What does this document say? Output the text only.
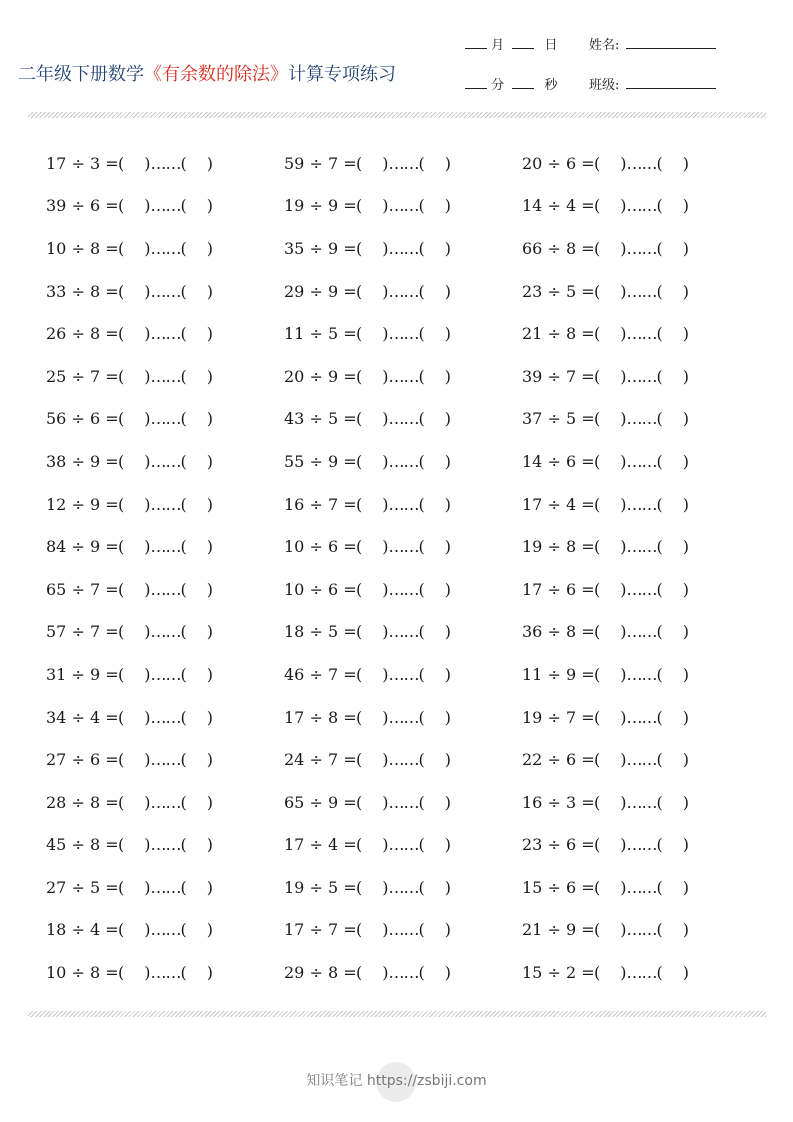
月	日 姓名:
分	秒 班级:
二年级下册数学《有余数的除法》计算专项练习
17 ÷ 3 = ( ) …… ( )	59 ÷ 7 = ( ) …… ( )	20 ÷ 6 = ( ) …… ( )
39 ÷ 6 = ( ) …… ( )	19 ÷ 9 = ( ) …… ( )	14 ÷ 4 = ( ) …… ( )
10 ÷ 8 = ( ) …… ( )	35 ÷ 9 = ( ) …… ( )	66 ÷ 8 = ( ) …… ( )
33 ÷ 8 = ( ) …… ( )	29 ÷ 9 = ( ) …… ( )	23 ÷ 5 = ( ) …… ( )
26 ÷ 8 = ( ) …… ( )	11 ÷ 5 = ( ) …… ( )	21 ÷ 8 = ( ) …… ( )
25 ÷ 7 = ( ) …… ( )	20 ÷ 9 = ( ) …… ( )	39 ÷ 7 = ( ) …… ( )
56 ÷ 6 = ( ) …… ( )	43 ÷ 5 = ( ) …… ( )	37 ÷ 5 = ( ) …… ( )
38 ÷ 9 = ( ) …… ( )	55 ÷ 9 = ( ) …… ( )	14 ÷ 6 = ( ) …… ( )
12 ÷ 9 = ( ) …… ( )	16 ÷ 7 = ( ) …… ( )	17 ÷ 4 = ( ) …… ( )
84 ÷ 9 = ( ) …… ( )	10 ÷ 6 = ( ) …… ( )	19 ÷ 8 = ( ) …… ( )
65 ÷ 7 = ( ) …… ( )	10 ÷ 6 = ( ) …… ( )	17 ÷ 6 = ( ) …… ( )
57 ÷ 7 = ( ) …… ( )	18 ÷ 5 = ( ) …… ( )	36 ÷ 8 = ( ) …… ( )
31 ÷ 9 = ( ) …… ( )	46 ÷ 7 = ( ) …… ( )	11 ÷ 9 = ( ) …… ( )
34 ÷ 4 = ( ) …… ( )	17 ÷ 8 = ( ) …… ( )	19 ÷ 7 = ( ) …… ( )
27 ÷ 6 = ( ) …… ( )	24 ÷ 7 = ( ) …… ( )	22 ÷ 6 = ( ) …… ( )
28 ÷ 8 = ( ) …… ( )	65 ÷ 9 = ( ) …… ( )	16 ÷ 3 = ( ) …… ( )
45 ÷ 8 = ( ) …… ( )	17 ÷ 4 = ( ) …… ( )	23 ÷ 6 = ( ) …… ( )
27 ÷ 5 = ( ) …… ( )	19 ÷ 5 = ( ) …… ( )	15 ÷ 6 = ( ) …… ( )
18 ÷ 4 = ( ) …… ( )	17 ÷ 7 = ( ) …… ( )	21 ÷ 9 = ( ) …… ( )
10 ÷ 8 = ( ) …… ( )	29 ÷ 8 = ( ) …… ( )	15 ÷ 2 = ( ) …… ( )
知识笔记 https://zsbiji.com
